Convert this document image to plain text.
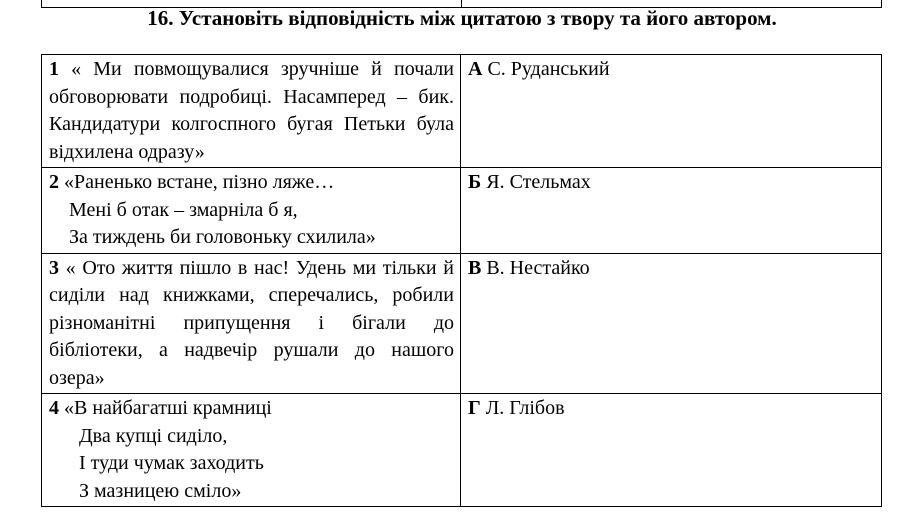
16. Установіть відповідність між цитатою з твору та його автором.
1 « Ми повмощувалися зручніше й почали обговорювати подробиці. Насамперед – бик. Кандидатури колгоспного бугая Петьки була відхилена одразу»	А С. Руданський

2 «Раненько встане, пізно ляже…
Мені б отак – змарніла б я,
За тиждень би головоньку схилила»	Б Я. Стельмах
3 « Ото життя пішло в нас! Удень ми тільки й сиділи над книжками, сперечались, робили різноманітні припущення і бігали до бібліотеки, а надвечір рушали до нашого озера»	В В. Нестайко

4 «В найбагатші крамниці
Два купці сиділо,
І туди чумак заходить
З мазницею сміло»	Г Л. Глібов
